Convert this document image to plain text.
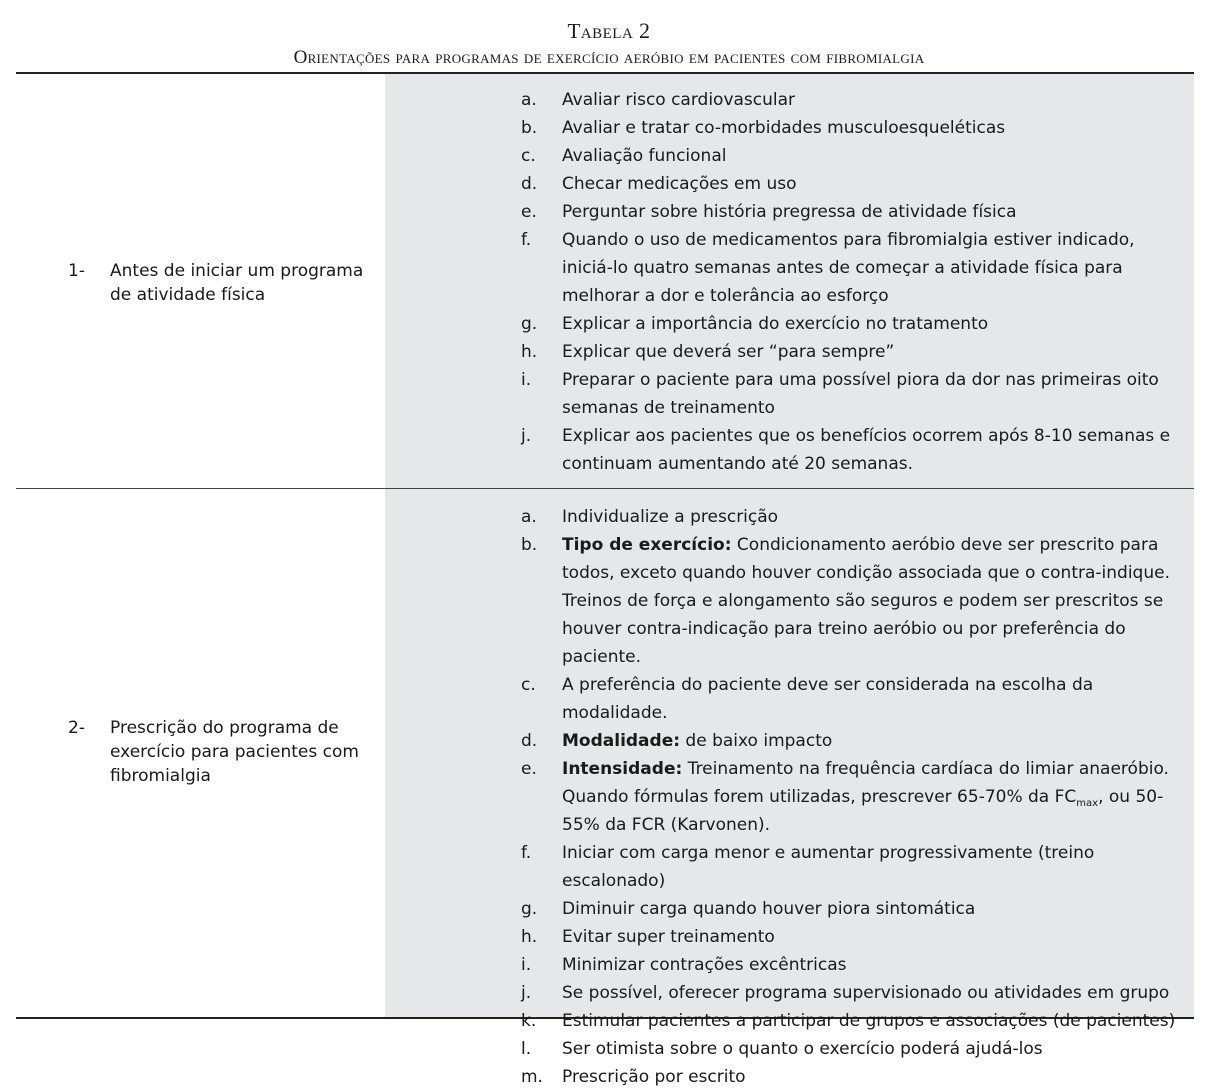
Tabela 2
Orientações para programas de exercício aeróbio em pacientes com fibromialgia
1- Antes de iniciar um programa de atividade física
a. Avaliar risco cardiovascular
b. Avaliar e tratar co-morbidades musculoesqueléticas
c. Avaliação funcional
d. Checar medicações em uso
e. Perguntar sobre história pregressa de atividade física
f. Quando o uso de medicamentos para fibromialgia estiver indicado, iniciá-lo quatro semanas antes de começar a atividade física para melhorar a dor e tolerância ao esforço
g. Explicar a importância do exercício no tratamento
h. Explicar que deverá ser “para sempre”
i. Preparar o paciente para uma possível piora da dor nas primeiras oito semanas de treinamento
j. Explicar aos pacientes que os benefícios ocorrem após 8-10 semanas e continuam aumentando até 20 semanas.
2- Prescrição do programa de exercício para pacientes com fibromialgia
a. Individualize a prescrição
b. Tipo de exercício: Condicionamento aeróbio deve ser prescrito para todos, exceto quando houver condição associada que o contra-indique. Treinos de força e alongamento são seguros e podem ser prescritos se houver contra-indicação para treino aeróbio ou por preferência do paciente.
c. A preferência do paciente deve ser considerada na escolha da modalidade.
d. Modalidade: de baixo impacto
e. Intensidade: Treinamento na frequência cardíaca do limiar anaeróbio. Quando fórmulas forem utilizadas, prescrever 65-70% da $FC_{max}$, ou 50-55% da FCR (Karvonen).
f. Iniciar com carga menor e aumentar progressivamente (treino escalonado)
g. Diminuir carga quando houver piora sintomática
h. Evitar super treinamento
i. Minimizar contrações excêntricas
j. Se possível, oferecer programa supervisionado ou atividades em grupo
k. Estimular pacientes a participar de grupos e associações (de pacientes)
l. Ser otimista sobre o quanto o exercício poderá ajudá-los
m. Prescrição por escrito
